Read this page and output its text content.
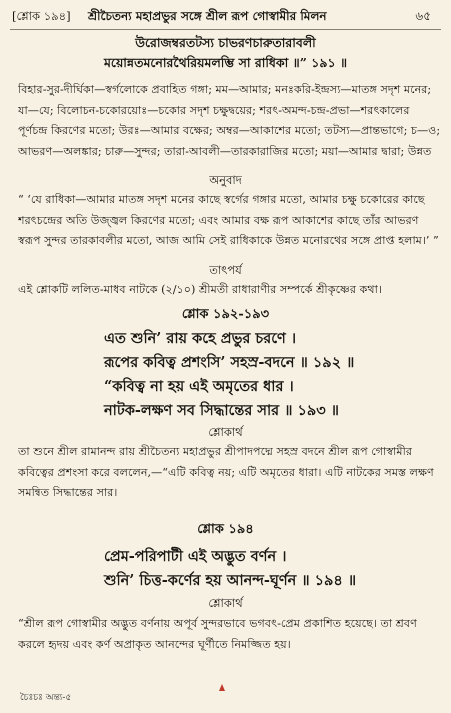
[শ্লোক ১৯৪] শ্রীচৈতন্য মহাপ্রভুর সঙ্গে শ্রীল রূপ গোস্বামীর মিলন	৬৫
উরোজম্বরতটস্য চাভরণচারুতারাবলী
ময়োন্নতমনোরথৈরিয়মলম্ভি সা রাধিকা ॥” ১৯১ ॥
বিহার-সুর-দীর্ঘিকা—স্বর্গলোকে প্রবাহিত গঙ্গা; মম—আমার; মনঃকরি-ইন্দ্রস্য—মাতঙ্গ সদৃশ মনের; যা—যে; বিলোচন-চকোরয়োঃ—চকোর সদৃশ চক্ষুদ্বয়ের; শরৎ-অমন্দ-চন্দ্র-প্রভা—শরৎকালের পূর্ণচন্দ্র কিরণের মতো; উরঃ—আমার বক্ষের; অম্বর—আকাশের মতো; তটস্য—প্রান্তভাগে; চ—ও; আভরণ—অলঙ্কার; চারু—সুন্দর; তারা-আবলী—তারকারাজির মতো; ময়া—আমার দ্বারা; উন্নত
অনুবাদ
“ ‘যে রাধিকা—আমার মাতঙ্গ সদৃশ মনের কাছে স্বর্গের গঙ্গার মতো, আমার চক্ষু চকোরের কাছে শরৎচন্দ্রের অতি উজ্জ্বল কিরণের মতো; এবং আমার বক্ষ রূপ আকাশের কাছে তাঁর আভরণ স্বরূপ সুন্দর তারকাবলীর মতো, আজ আমি সেই রাধিকাকে উন্নত মনোরথের সঙ্গে প্রাপ্ত হলাম।’ ”
তাৎপর্য
এই শ্লোকটি ললিত-মাধব নাটকে (২/১০) শ্রীমতী রাধারাণীর সম্পর্কে শ্রীকৃষ্ণের কথা।
শ্লোক ১৯২-১৯৩
এত শুনি’ রায় কহে প্রভুর চরণে ।
রূপের কবিত্ব প্রশংসি’ সহস্র-বদনে ॥ ১৯২ ॥
“কবিত্ব না হয় এই অমৃতের ধার ।
নাটক-লক্ষণ সব সিদ্ধান্তের সার ॥ ১৯৩ ॥
শ্লোকার্থ
তা শুনে শ্রীল রামানন্দ রায় শ্রীচৈতন্য মহাপ্রভুর শ্রীপাদপদ্মে সহস্র বদনে শ্রীল রূপ গোস্বামীর কবিত্বের প্রশংসা করে বললেন,—“এটি কবিত্ব নয়; এটি অমৃতের ধারা। এটি নাটকের সমস্ত লক্ষণ সমন্বিত সিদ্ধান্তের সার।
শ্লোক ১৯৪
প্রেম-পরিপাটী এই অদ্ভুত বর্ণন ।
শুনি’ চিত্ত-কর্ণের হয় আনন্দ-ঘূর্ণন ॥ ১৯৪ ॥
শ্লোকার্থ
“শ্রীল রূপ গোস্বামীর অদ্ভুত বর্ণনায় অপূর্ব সুন্দরভাবে ভগবৎ-প্রেম প্রকাশিত হয়েছে। তা শ্রবণ করলে হৃদয় এবং কর্ণ অপ্রাকৃত আনন্দের ঘূর্ণীতে নিমজ্জিত হয়।
চৈঃচঃ অন্ত্য-৫
